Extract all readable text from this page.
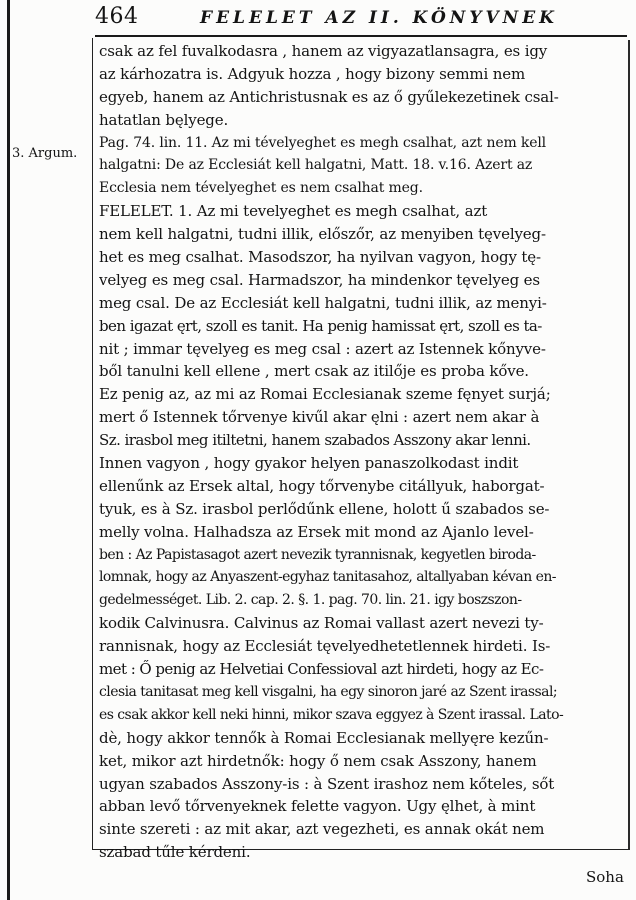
464	FELELET AZ II. KÖNYVNEK
3. Argum.
csak az fel fuvalkodasra , hanem az vigyazatlansagra, es igy
az kárhozatra is. Adgyuk hozza , hogy bizony semmi nem
egyeb, hanem az Antichristusnak es az ő gyűlekezetinek csal-
hatatlan bęlyege.
Pag. 74. lin. 11. Az mi tévelyeghet es megh csalhat, azt nem kell
halgatni: De az Ecclesiát kell halgatni, Matt. 18. v.16. Azert az
Ecclesia nem tévelyeghet es nem csalhat meg.
FELELET. 1. Az mi tevelyeghet es megh csalhat, azt
nem kell halgatni, tudni illik, előszőr, az menyiben tęvelyeg-
het es meg csalhat. Masodszor, ha nyilvan vagyon, hogy tę-
velyeg es meg csal. Harmadszor, ha mindenkor tęvelyeg es
meg csal. De az Ecclesiát kell halgatni, tudni illik, az menyi-
ben igazat ęrt, szoll es tanit. Ha penig hamissat ęrt, szoll es ta-
nit ; immar tęvelyeg es meg csal : azert az Istennek kőnyve-
ből tanulni kell ellene , mert csak az itilője es proba kőve.
Ez penig az, az mi az Romai Ecclesianak szeme fęnyet surjá;
mert ő Istennek tőrvenye kivűl akar ęlni : azert nem akar à
Sz. irasbol meg itiltetni, hanem szabados Asszony akar lenni.
Innen vagyon , hogy gyakor helyen panaszolkodast indit
ellenűnk az Ersek altal, hogy tőrvenybe citállyuk, haborgat-
tyuk, es à Sz. irasbol perlődűnk ellene, holott ű szabados se-
melly volna. Halhadsza az Ersek mit mond az Ajanlo level-
ben : Az Papistasagot azert nevezik tyrannisnak, kegyetlen biroda-
lomnak, hogy az Anyaszent-egyhaz tanitasahoz, altallyaban kévan en-
gedelmességet. Lib. 2. cap. 2. §. 1. pag. 70. lin. 21. igy boszszon-
kodik Calvinusra. Calvinus az Romai vallast azert nevezi ty-
rannisnak, hogy az Ecclesiát tęvelyedhetetlennek hirdeti. Is-
met : Ő penig az Helvetiai Confessioval azt hirdeti, hogy az Ec-
clesia tanitasat meg kell visgalni, ha egy sinoron jaré az Szent irassal;
es csak akkor kell neki hinni, mikor szava eggyez à Szent irassal. Lato-
dè, hogy akkor tennők à Romai Ecclesianak mellyęre kezűn-
ket, mikor azt hirdetnők: hogy ő nem csak Asszony, hanem
ugyan szabados Asszony-is : à Szent irashoz nem kőteles, sőt
abban levő tőrvenyeknek felette vagyon. Ugy ęlhet, à mint
sinte szereti : az mit akar, azt vegezheti, es annak okát nem
szabad tűle kérdeni.
Soha
